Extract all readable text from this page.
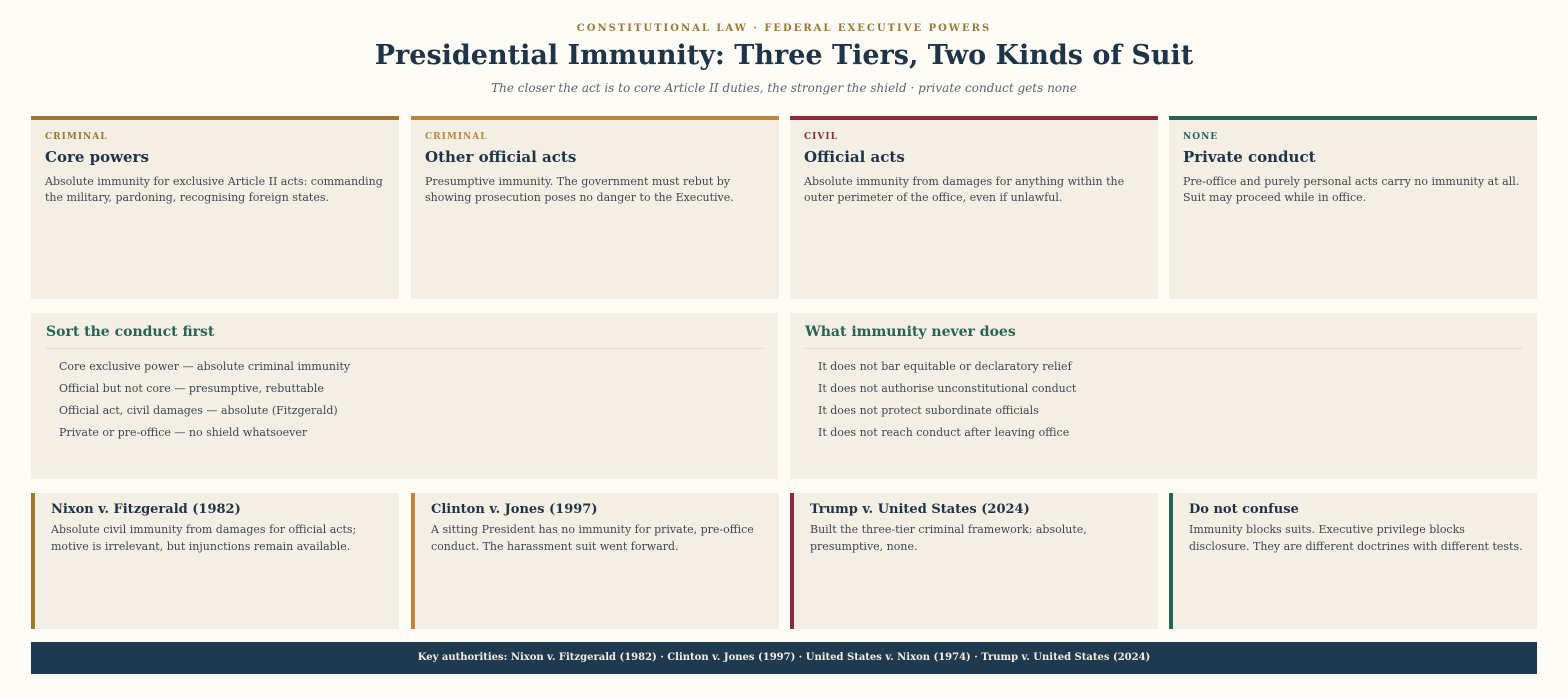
CONSTITUTIONAL LAW · FEDERAL EXECUTIVE POWERS
Presidential Immunity: Three Tiers, Two Kinds of Suit
The closer the act is to core Article II duties, the stronger the shield · private conduct gets none
CRIMINAL
Core powers
Absolute immunity for exclusive Article II acts: commanding the military, pardoning, recognising foreign states.
CRIMINAL
Other official acts
Presumptive immunity. The government must rebut by showing prosecution poses no danger to the Executive.
CIVIL
Official acts
Absolute immunity from damages for anything within the outer perimeter of the office, even if unlawful.
NONE
Private conduct
Pre-office and purely personal acts carry no immunity at all. Suit may proceed while in office.
Sort the conduct first
Core exclusive power — absolute criminal immunity
Official but not core — presumptive, rebuttable
Official act, civil damages — absolute (Fitzgerald)
Private or pre-office — no shield whatsoever
What immunity never does
It does not bar equitable or declaratory relief
It does not authorise unconstitutional conduct
It does not protect subordinate officials
It does not reach conduct after leaving office
Nixon v. Fitzgerald (1982)
Absolute civil immunity from damages for official acts; motive is irrelevant, but injunctions remain available.
Clinton v. Jones (1997)
A sitting President has no immunity for private, pre-office conduct. The harassment suit went forward.
Trump v. United States (2024)
Built the three-tier criminal framework: absolute, presumptive, none.
Do not confuse
Immunity blocks suits. Executive privilege blocks disclosure. They are different doctrines with different tests.
Key authorities: Nixon v. Fitzgerald (1982) · Clinton v. Jones (1997) · United States v. Nixon (1974) · Trump v. United States (2024)
